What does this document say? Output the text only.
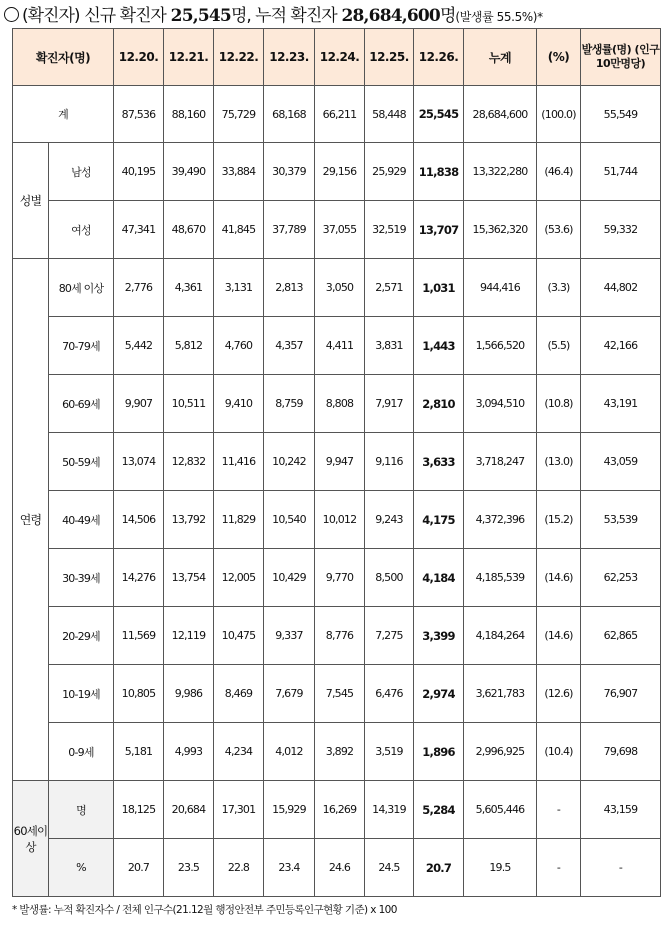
(확진자) 신규 확진자 25,545명, 누적 확진자 28,684,600명(발생률 55.5%)*
확진자(명)		12.20.	12.21.	12.22.	12.23.	12.24.	12.25.	12.26.	누계	(%)	발생률(명) (인구 10만명당)
계		87,536	88,160	75,729	68,168	66,211	58,448	25,545	28,684,600	(100.0)	55,549
성별	남성	40,195	39,490	33,884	30,379	29,156	25,929	11,838	13,322,280	(46.4)	51,744
	여성	47,341	48,670	41,845	37,789	37,055	32,519	13,707	15,362,320	(53.6)	59,332
연령	80세 이상	2,776	4,361	3,131	2,813	3,050	2,571	1,031	944,416	(3.3)	44,802
	70-79세	5,442	5,812	4,760	4,357	4,411	3,831	1,443	1,566,520	(5.5)	42,166
	60-69세	9,907	10,511	9,410	8,759	8,808	7,917	2,810	3,094,510	(10.8)	43,191
	50-59세	13,074	12,832	11,416	10,242	9,947	9,116	3,633	3,718,247	(13.0)	43,059
	40-49세	14,506	13,792	11,829	10,540	10,012	9,243	4,175	4,372,396	(15.2)	53,539
	30-39세	14,276	13,754	12,005	10,429	9,770	8,500	4,184	4,185,539	(14.6)	62,253
	20-29세	11,569	12,119	10,475	9,337	8,776	7,275	3,399	4,184,264	(14.6)	62,865
	10-19세	10,805	9,986	8,469	7,679	7,545	6,476	2,974	3,621,783	(12.6)	76,907
	0-9세	5,181	4,993	4,234	4,012	3,892	3,519	1,896	2,996,925	(10.4)	79,698
60세이상	명	18,125	20,684	17,301	15,929	16,269	14,319	5,284	5,605,446	-	43,159
	%	20.7	23.5	22.8	23.4	24.6	24.5	20.7	19.5	-	-
* 발생률: 누적 확진자수 / 전체 인구수(21.12월 행정안전부 주민등록인구현황 기준) x 100
